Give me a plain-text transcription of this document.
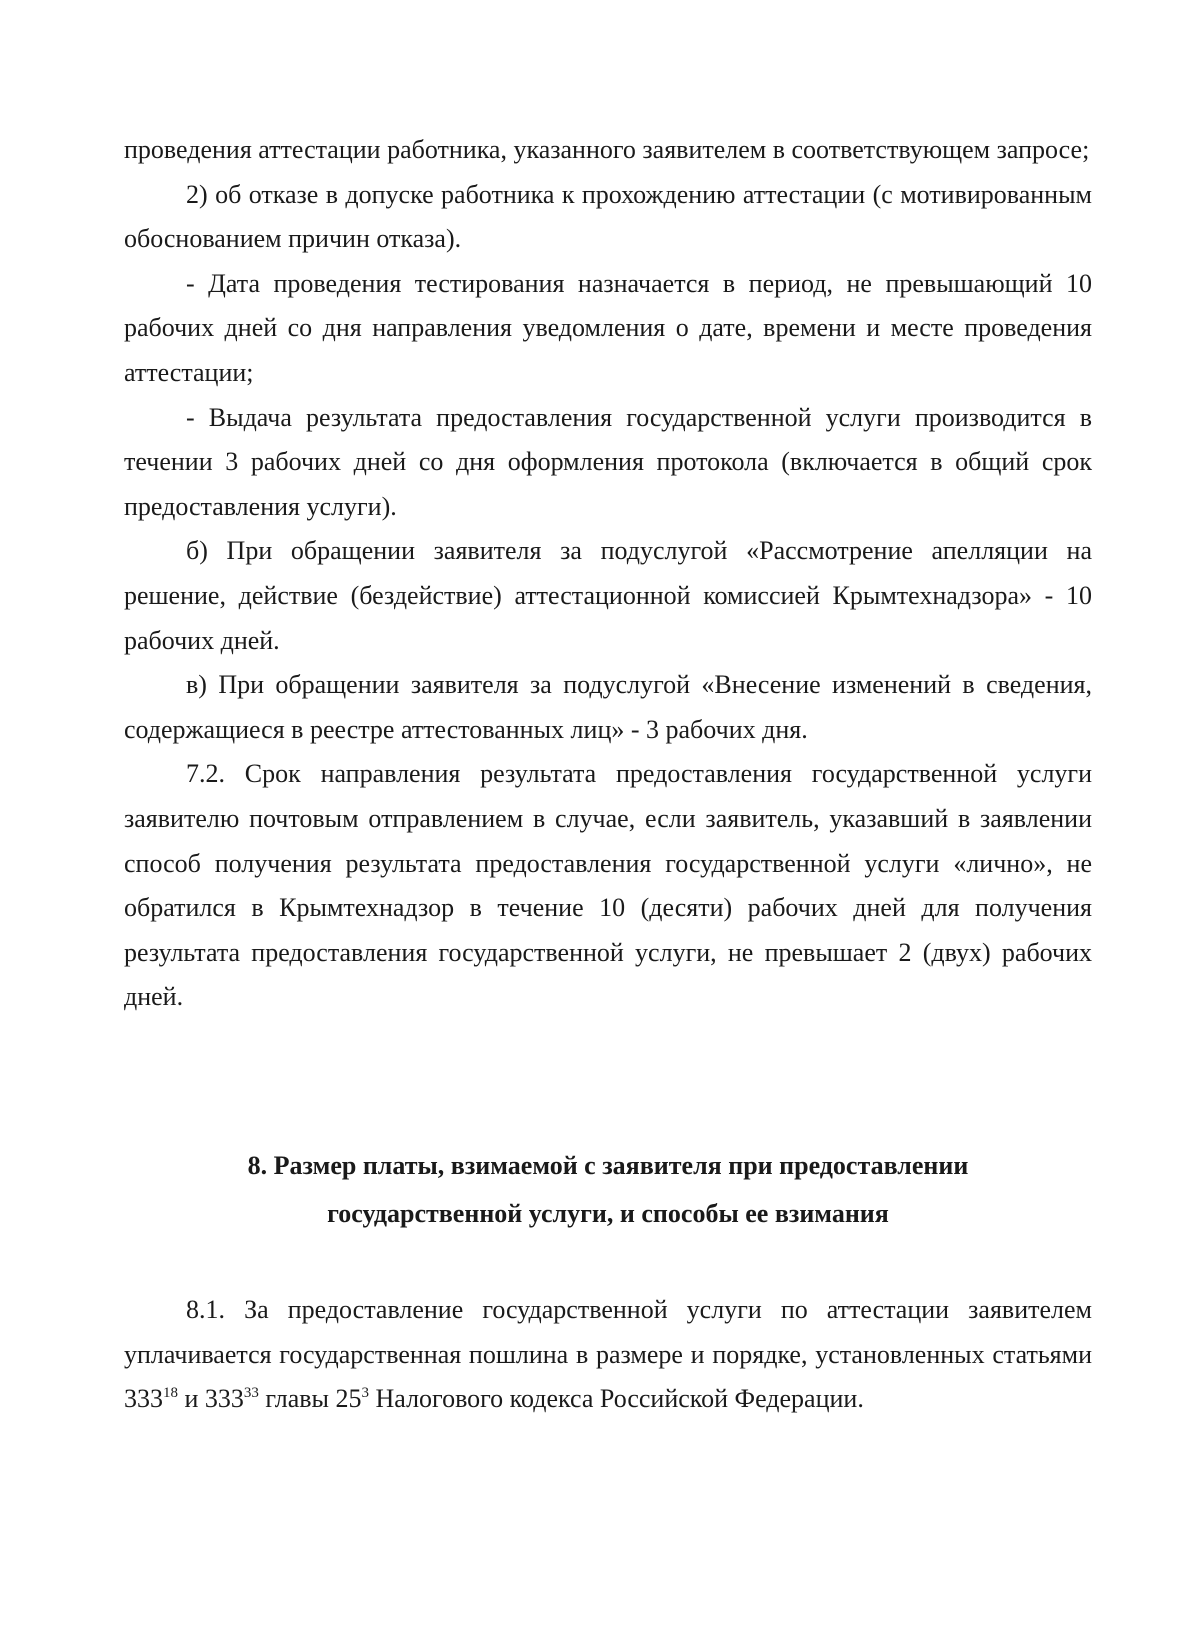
проведения аттестации работника, указанного заявителем в соответствующем запросе;

2) об отказе в допуске работника к прохождению аттестации (с мотивированным обоснованием причин отказа).

- Дата проведения тестирования назначается в период, не превышающий 10 рабочих дней со дня направления уведомления о дате, времени и месте проведения аттестации;

- Выдача результата предоставления государственной услуги производится в течении 3 рабочих дней со дня оформления протокола (включается в общий срок предоставления услуги).

б) При обращении заявителя за подуслугой «Рассмотрение апелляции на решение, действие (бездействие) аттестационной комиссией Крымтехнадзора» - 10 рабочих дней.

в) При обращении заявителя за подуслугой «Внесение изменений в сведения, содержащиеся в реестре аттестованных лиц» - 3 рабочих дня.

7.2. Срок направления результата предоставления государственной услуги заявителю почтовым отправлением в случае, если заявитель, указавший в заявлении способ получения результата предоставления государственной услуги «лично», не обратился в Крымтехнадзор в течение 10 (десяти) рабочих дней для получения результата предоставления государственной услуги, не превышает 2 (двух) рабочих дней.

8. Размер платы, взимаемой с заявителя при предоставлении

государственной услуги, и способы ее взимания

8.1. За предоставление государственной услуги по аттестации заявителем уплачивается государственная пошлина в размере и порядке, установленных статьями $333^{18}$ и $333^{33}$ главы $25^3$ Налогового кодекса Российской Федерации.
